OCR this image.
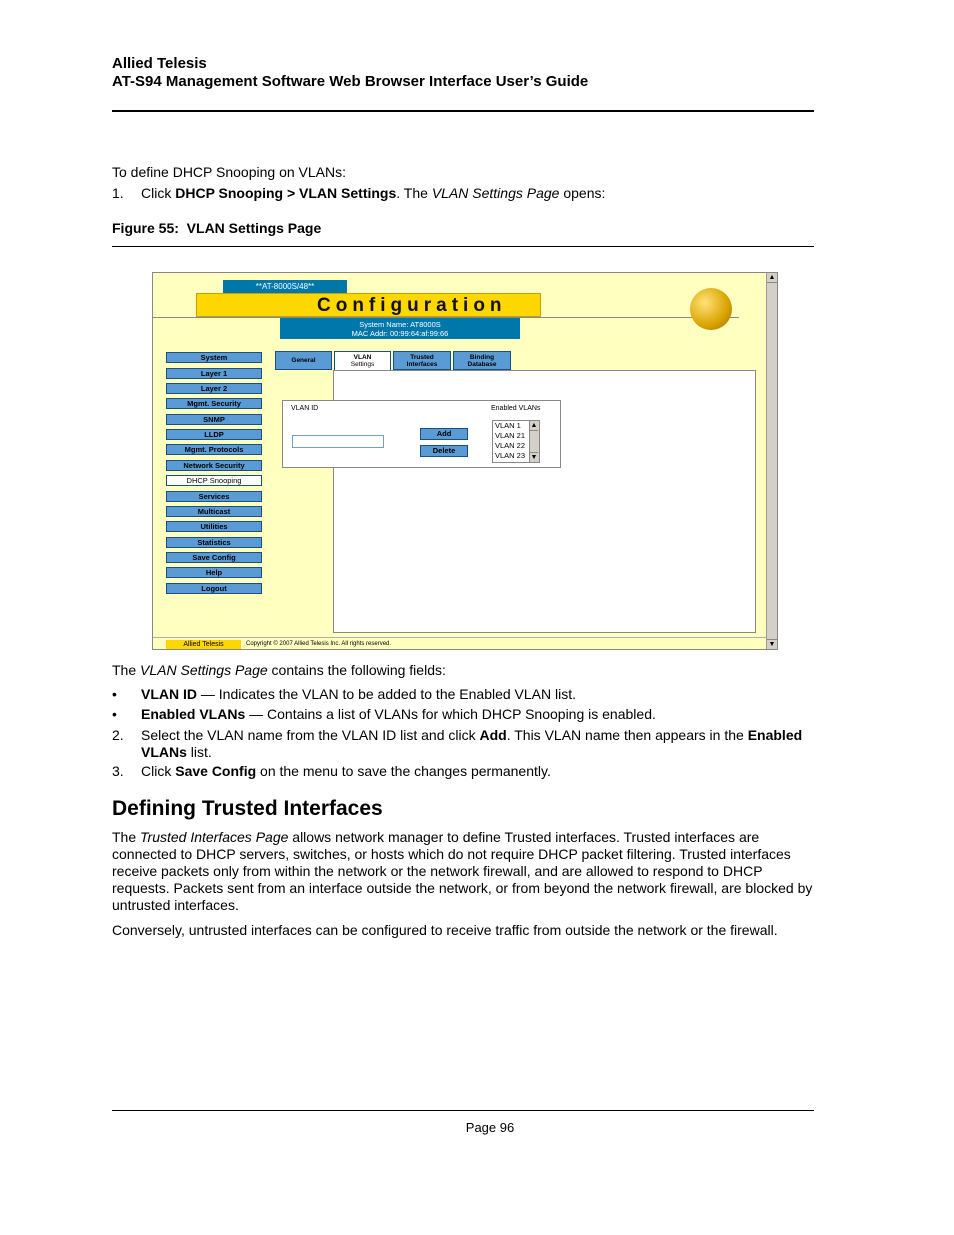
Allied Telesis
AT-S94 Management Software Web Browser Interface User’s Guide
To define DHCP Snooping on VLANs:
1. Click DHCP Snooping > VLAN Settings. The VLAN Settings Page opens:
Figure 55:  VLAN Settings Page
**AT-8000S/48**
Configuration
System Name: AT8000S
MAC Addr: 00:99:64:af:99:66
System
Layer 1
Layer 2
Mgmt. Security
SNMP
LLDP
Mgmt. Protocols
Network Security
DHCP Snooping
Services
Multicast
Utilities
Statistics
Save Config
Help
Logout
General	VLAN
Settings
Trusted
Interfaces
Binding
Database
VLAN ID	Enabled VLANs
Add
Delete
VLAN 1
VLAN 21
VLAN 22
VLAN 23
▲
▼
Allied Telesis	Copyright © 2007 Allied Telesis Inc. All rights reserved.
▲
▼
The VLAN Settings Page contains the following fields:
• VLAN ID — Indicates the VLAN to be added to the Enabled VLAN list.
• Enabled VLANs — Contains a list of VLANs for which DHCP Snooping is enabled.
2. Select the VLAN name from the VLAN ID list and click Add. This VLAN name then appears in the Enabled
VLANs list.
3. Click Save Config on the menu to save the changes permanently.
Defining Trusted Interfaces
The Trusted Interfaces Page allows network manager to define Trusted interfaces. Trusted interfaces are
connected to DHCP servers, switches, or hosts which do not require DHCP packet filtering. Trusted interfaces
receive packets only from within the network or the network firewall, and are allowed to respond to DHCP
requests. Packets sent from an interface outside the network, or from beyond the network firewall, are blocked by
untrusted interfaces.
Conversely, untrusted interfaces can be configured to receive traffic from outside the network or the firewall.
Page 96
